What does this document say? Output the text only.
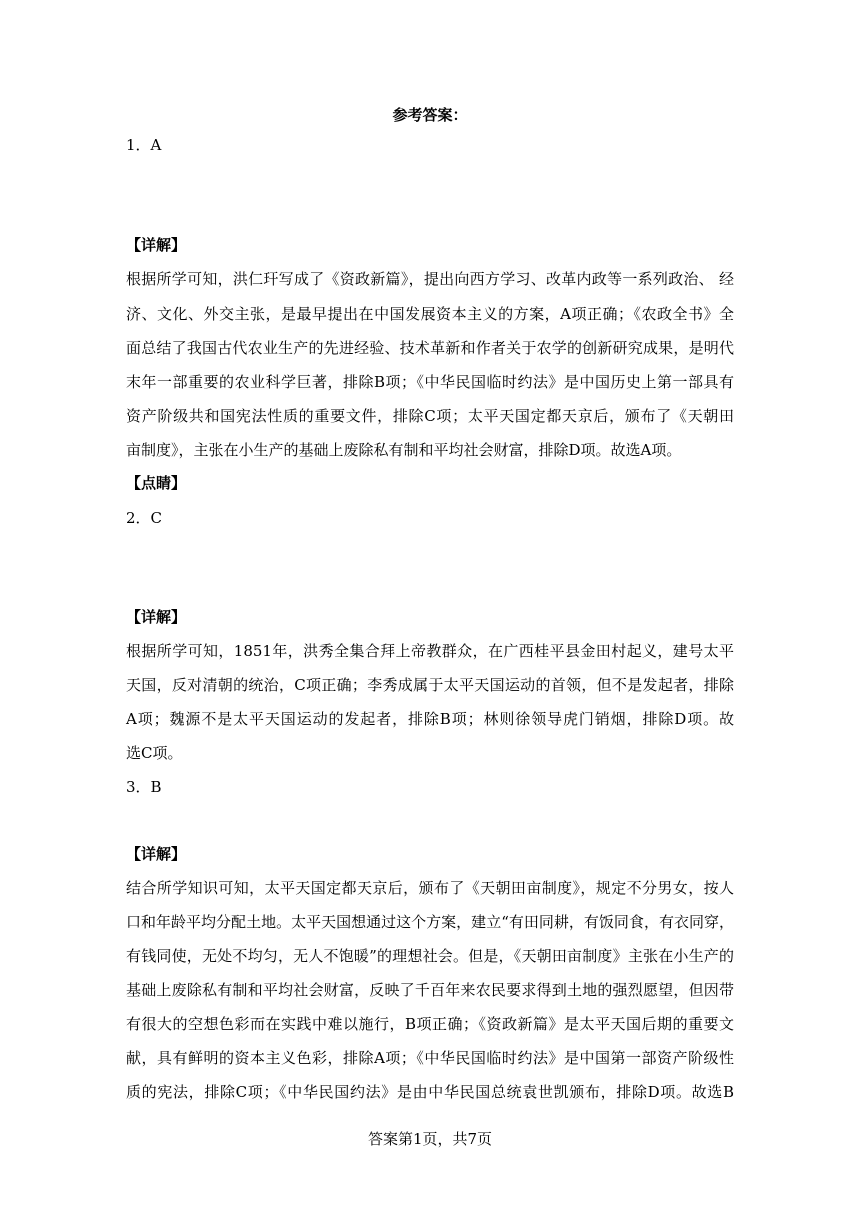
参考答案：
1．A
【详解】
根据所学可知，洪仁玕写成了《资政新篇》，提出向西方学习、改革内政等一系列政治、 经
济、文化、外交主张，是最早提出在中国发展资本主义的方案，A项正确；《农政全书》全
面总结了我国古代农业生产的先进经验、技术革新和作者关于农学的创新研究成果，是明代
末年一部重要的农业科学巨著，排除B项；《中华民国临时约法》是中国历史上第一部具有
资产阶级共和国宪法性质的重要文件，排除C项；太平天国定都天京后，颁布了《天朝田
亩制度》，主张在小生产的基础上废除私有制和平均社会财富，排除D项。故选A项。
【点睛】
2．C
【详解】
根据所学可知，1851年，洪秀全集合拜上帝教群众，在广西桂平县金田村起义，建号太平
天国，反对清朝的统治，C项正确；李秀成属于太平天国运动的首领，但不是发起者，排除
A项；魏源不是太平天国运动的发起者，排除B项；林则徐领导虎门销烟，排除D项。故
选C项。
3．B
【详解】
结合所学知识可知，太平天国定都天京后，颁布了《天朝田亩制度》，规定不分男女，按人
口和年龄平均分配土地。太平天国想通过这个方案，建立“有田同耕，有饭同食，有衣同穿，
有钱同使，无处不均匀，无人不饱暖”的理想社会。但是，《天朝田亩制度》主张在小生产的
基础上废除私有制和平均社会财富，反映了千百年来农民要求得到土地的强烈愿望，但因带
有很大的空想色彩而在实践中难以施行，B项正确；《资政新篇》是太平天国后期的重要文
献，具有鲜明的资本主义色彩，排除A项；《中华民国临时约法》是中国第一部资产阶级性
质的宪法，排除C项；《中华民国约法》是由中华民国总统袁世凯颁布，排除D项。故选B
答案第1页，共7页
